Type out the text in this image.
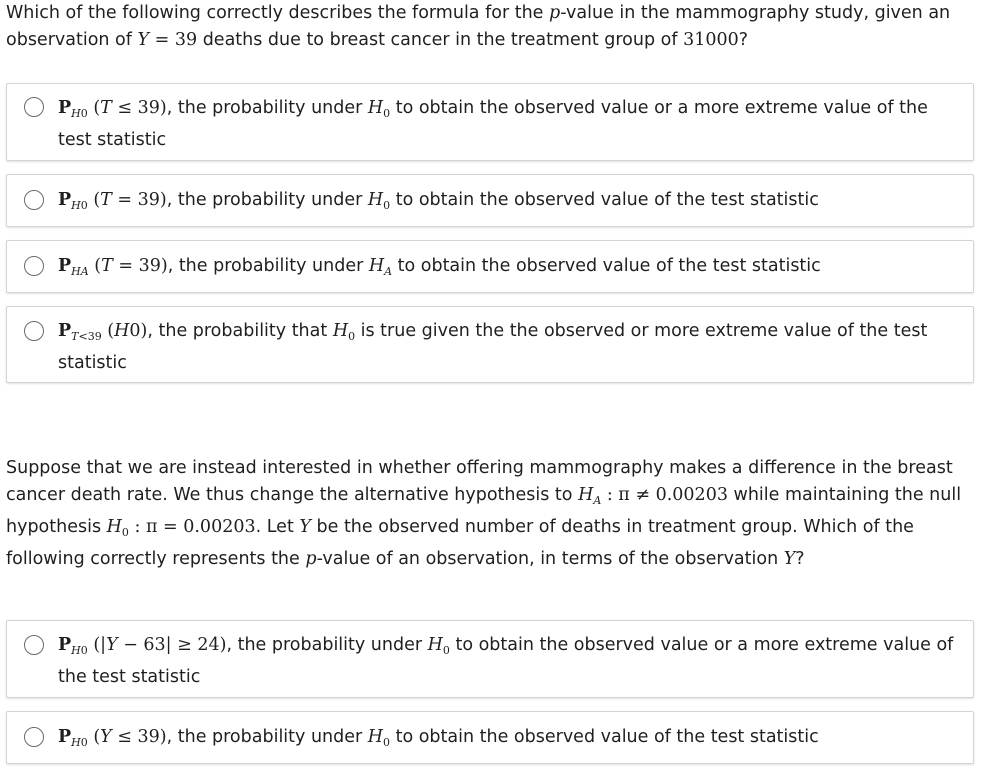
Which of the following correctly describes the formula for the p-value in the mammography study, given an observation of Y = 39 deaths due to breast cancer in the treatment group of 31000?
$P_{H0}$ (T ≤ 39), the probability under $H_0$ to obtain the observed value or a more extreme value of the test statistic
$P_{H0}$ (T = 39), the probability under $H_0$ to obtain the observed value of the test statistic
$P_{HA}$ (T = 39), the probability under $H_A$ to obtain the observed value of the test statistic
$P_{T<39}$ (H0), the probability that $H_0$ is true given the the observed or more extreme value of the test statistic
Suppose that we are instead interested in whether offering mammography makes a difference in the breast cancer death rate. We thus change the alternative hypothesis to $H_A$ : π ≠ 0.00203 while maintaining the null hypothesis $H_0$ : π = 0.00203. Let Y be the observed number of deaths in treatment group. Which of the following correctly represents the p-value of an observation, in terms of the observation Y?
$P_{H0}$ (|Y − 63| ≥ 24), the probability under $H_0$ to obtain the observed value or a more extreme value of the test statistic
$P_{H0}$ (Y ≤ 39), the probability under $H_0$ to obtain the observed value of the test statistic
